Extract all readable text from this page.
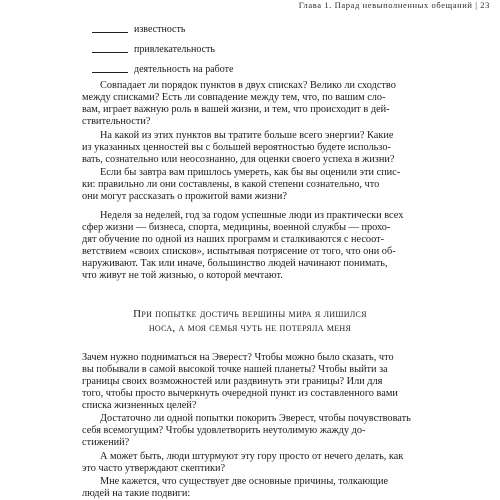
Глава 1. Парад невыполненных обещаний | 23
известность
привлекательность
деятельность на работе
Совпадает ли порядок пунктов в двух списках? Велико ли сходство
между списками? Есть ли совпадение между тем, что, по вашим сло-
вам, играет важную роль в вашей жизни, и тем, что происходит в дей-
ствительности?
На какой из этих пунктов вы тратите больше всего энергии? Какие
из указанных ценностей вы с большей вероятностью будете использо-
вать, сознательно или неосознанно, для оценки своего успеха в жизни?
Если бы завтра вам пришлось умереть, как бы вы оценили эти спис-
ки: правильно ли они составлены, в какой степени сознательно, что
они могут рассказать о прожитой вами жизни?
Неделя за неделей, год за годом успешные люди из практически всех
сфер жизни — бизнеса, спорта, медицины, военной службы — прохо-
дят обучение по одной из наших программ и сталкиваются с несоот-
ветствием «своих списков», испытывая потрясение от того, что они об-
наруживают. Так или иначе, большинство людей начинают понимать,
что живут не той жизнью, о которой мечтают.
При попытке достичь вершины мира я лишился
носа, а моя семья чуть не потеряла меня
Зачем нужно подниматься на Эверест? Чтобы можно было сказать, что
вы побывали в самой высокой точке нашей планеты? Чтобы выйти за
границы своих возможностей или раздвинуть эти границы? Или для
того, чтобы просто вычеркнуть очередной пункт из составленного вами
списка жизненных целей?
Достаточно ли одной попытки покорить Эверест, чтобы почувствовать
себя всемогущим? Чтобы удовлетворить неутолимую жажду до-
стижений?
А может быть, люди штурмуют эту гору просто от нечего делать, как
это часто утверждают скептики?
Мне кажется, что существует две основные причины, толкающие
людей на такие подвиги:
